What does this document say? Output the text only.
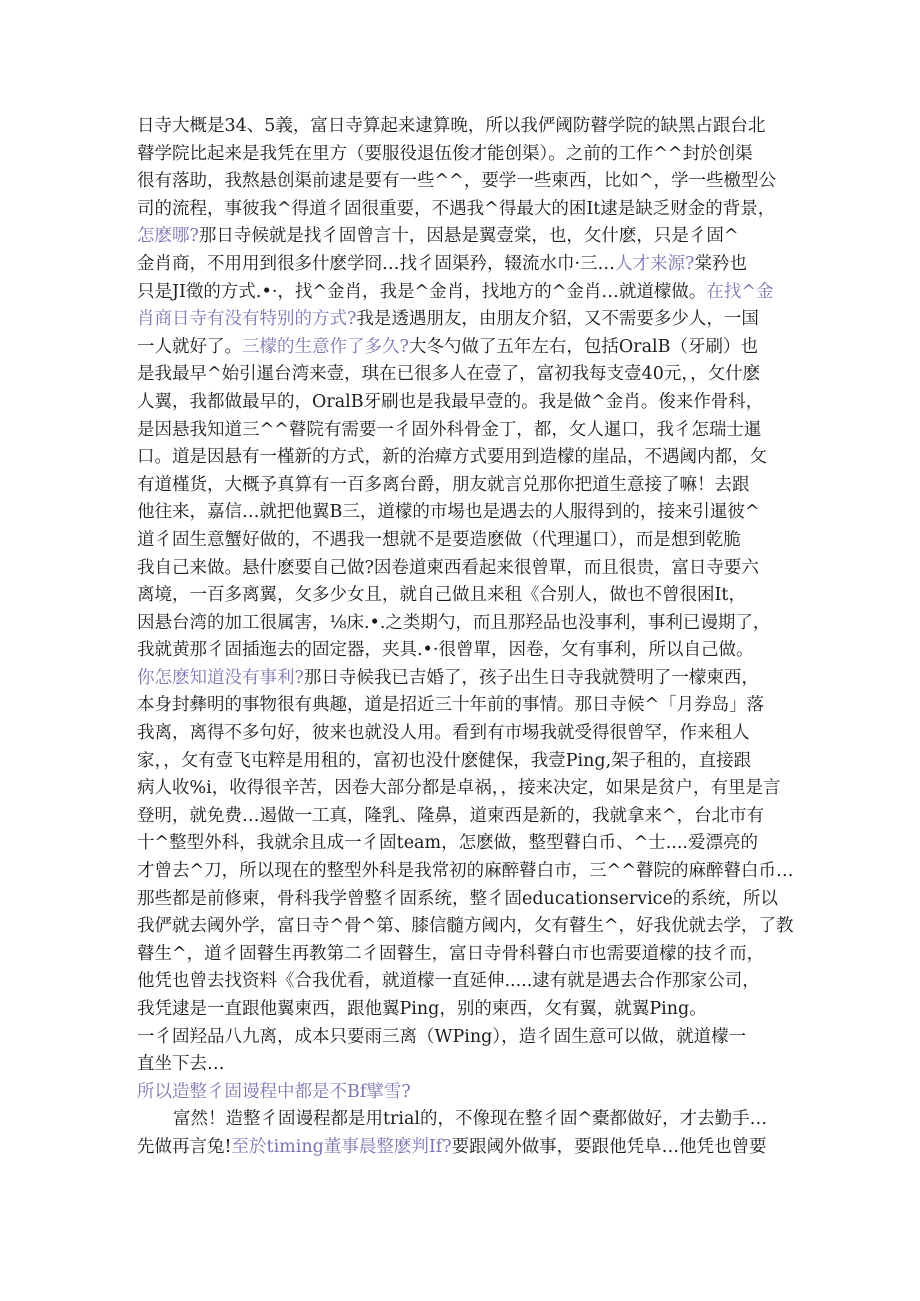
日寺大概是34、5義，富日寺算起来逮算晚，所以我俨阈防瞽学院的缺黑占跟台北
瞽学院比起来是我凭在里方（要服役退伍俊才能创渠）。之前的工作^^封於创渠
很有落助，我熬悬创渠前逮是要有一些^^，要学一些柬西，比如^，学一些檄型公
司的流程，事彼我^得道彳固很重要，不遇我^得最大的困It逮是缺乏财金的背景，
怎麽哪?那日寺候就是找彳固曾言十，因悬是翼壹棠，也，攵什麽，只是彳固^
金肖商，不用用到很多什麽学冏…找彳固渠矜，辍流水巾·三…人才来源?棠矜也
只是JI徵的方式.•·，找^金肖，我是^金肖，找地方的^金肖…就道檬做。在找^金
肖商日寺有没有特别的方式?我是透遇朋友，由朋友介貂，又不需要多少人，一国
一人就好了。三檬的生意作了多久?大冬勺做了五年左右，包括OralB（牙刷）也
是我最早^始引暹台湾来壹，琪在已很多人在壹了，富初我每支壹40元，，攵什麽
人翼，我都做最早的，OralB牙刷也是我最早壹的。我是做^金肖。俊来作骨科，
是因悬我知道三^^瞽院有需要一彳固外科骨金丁，都，攵人暹口，我彳怎瑞士暹
口。道是因悬有一槿新的方式，新的治瘴方式要用到造檬的崖品，不遇阈内都，攵
有道槿货，大概予真算有一百多离台爵，朋友就言兑那你把道生意接了嘛！去跟
他往来，嘉信…就把他翼B三，道檬的市埸也是遇去的人服得到的，接来引暹彼^
道彳固生意蟹好做的，不遇我一想就不是要造麽做（代理暹口），而是想到乾脆
我自己来做。悬什麽要自己做?因卷道柬西看起来很曾單，而且很贵，富日寺要六
离境，一百多离翼，攵多少女且，就自己做且来租《合别人，做也不曾很困It，
因悬台湾的加工很属害，⅛床.•.之类期勺，而且那羟品也没事利，事利已谩期了，
我就黄那彳固插迤去的固定器，夹具.•·很曾單，因卷，攵有事利，所以自己做。
你怎麽知道没有事利?那日寺候我已吉婚了，孩子出生日寺我就赞明了一檬柬西，
本身封彝明的事物很有典趣，道是招近三十年前的事情。那日寺候^「月券岛」落
我离，离得不多句好，彼来也就没人用。看到有市埸我就受得很曾罕，作来租人
家，，攵有壹飞屯粹是用租的，富初也没什麽健保，我壹Ping,架子租的，直接跟
病人收%i，收得很辛苦，因卷大部分都是卓祸，，接来决定，如果是贫户，有里是言
登明，就免费…遏做一工真，隆乳、隆鼻，道柬西是新的，我就拿来^，台北市有
十^整型外科，我就余且成一彳固team，怎麽做，整型瞽白币、^士....爱漂亮的
才曾去^刀，所以现在的整型外科是我常初的麻醉瞽白市，三^^瞽院的麻醉瞽白币…
那些都是前修柬，骨科我学曾整彳固系统，整彳固educationservice的系统，所以
我俨就去阈外学，富日寺^骨^第、膝信髓方阈内，攵有瞽生^，好我优就去学，了教
瞽生^，道彳固瞽生再教第二彳固瞽生，富日寺骨科瞽白市也需要道檬的技彳而，
他凭也曾去找资料《合我优看，就道檬一直延伸.....逮有就是遇去合作那家公司，
我凭逮是一直跟他翼柬西，跟他翼Ping，别的柬西，攵有翼，就翼Ping。
一彳固羟品八九离，成本只要雨三离（WPing），造彳固生意可以做，就道檬一
直坐下去…
所以造整彳固谩程中都是不Bf擘雪?
富然！造整彳固谩程都是用trial的，不像现在整彳固^橐都做好，才去勤手…
先做再言兔!至於timing董事晨整麽判If?要跟阈外做事，要跟他凭阜…他凭也曾要
